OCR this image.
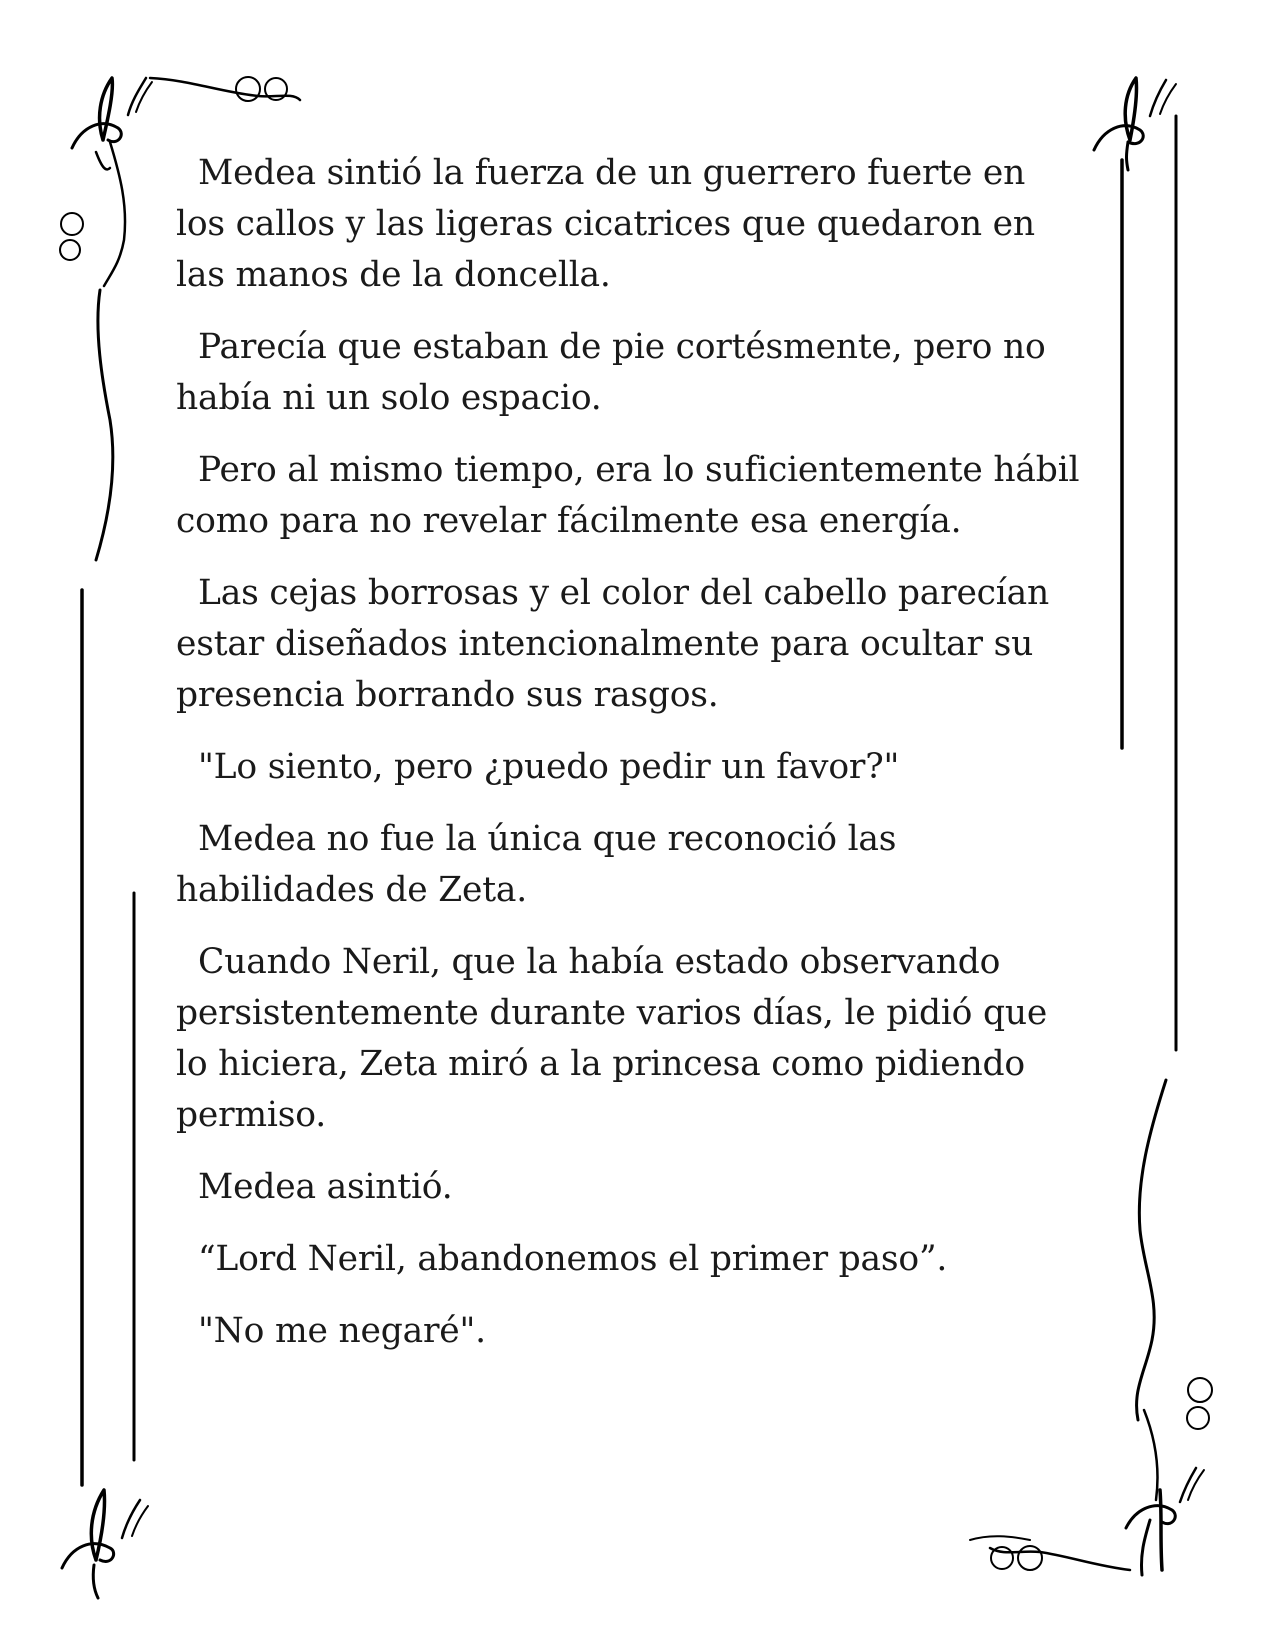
Medea sintió la fuerza de un guerrero fuerte en los callos y las ligeras cicatrices que quedaron en las manos de la doncella.

Parecía que estaban de pie cortésmente, pero no había ni un solo espacio.

Pero al mismo tiempo, era lo suficientemente hábil como para no revelar fácilmente esa energía.

Las cejas borrosas y el color del cabello parecían estar diseñados intencionalmente para ocultar su presencia borrando sus rasgos.

"Lo siento, pero ¿puedo pedir un favor?"

Medea no fue la única que reconoció las habilidades de Zeta.

Cuando Neril, que la había estado observando persistentemente durante varios días, le pidió que lo hiciera, Zeta miró a la princesa como pidiendo permiso.

Medea asintió.

“Lord Neril, abandonemos el primer paso”.

"No me negaré".
